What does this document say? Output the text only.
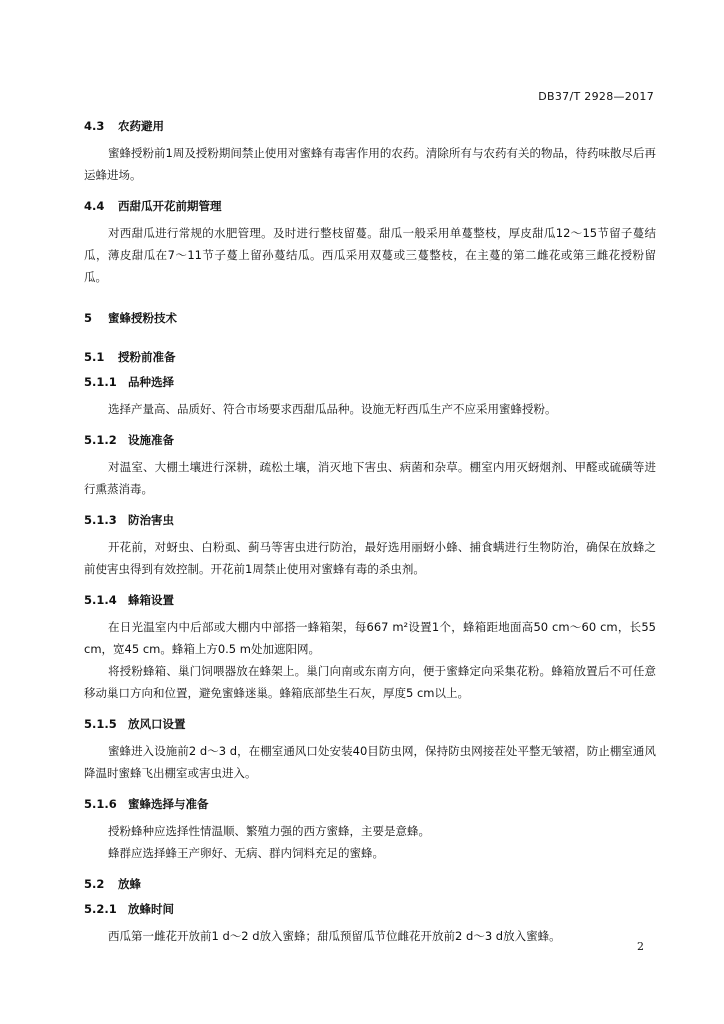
DB37/T 2928—2017
4.3 农药避用

蜜蜂授粉前1周及授粉期间禁止使用对蜜蜂有毒害作用的农药。清除所有与农药有关的物品，待药味散尽后再运蜂进场。

4.4 西甜瓜开花前期管理

对西甜瓜进行常规的水肥管理。及时进行整枝留蔓。甜瓜一般采用单蔓整枝，厚皮甜瓜12～15节留子蔓结瓜，薄皮甜瓜在7～11节子蔓上留孙蔓结瓜。西瓜采用双蔓或三蔓整枝，在主蔓的第二雌花或第三雌花授粉留瓜。

5 蜜蜂授粉技术
5.1 授粉前准备
5.1.1 品种选择

选择产量高、品质好、符合市场要求西甜瓜品种。设施无籽西瓜生产不应采用蜜蜂授粉。

5.1.2 设施准备

对温室、大棚土壤进行深耕，疏松土壤，消灭地下害虫、病菌和杂草。棚室内用灭蚜烟剂、甲醛或硫磺等进行熏蒸消毒。

5.1.3 防治害虫

开花前，对蚜虫、白粉虱、蓟马等害虫进行防治，最好选用丽蚜小蜂、捕食螨进行生物防治，确保在放蜂之前使害虫得到有效控制。开花前1周禁止使用对蜜蜂有毒的杀虫剂。

5.1.4 蜂箱设置

在日光温室内中后部或大棚内中部搭一蜂箱架，每667 m²设置1个，蜂箱距地面高50 cm～60 cm，长55 cm，宽45 cm。蜂箱上方0.5 m处加遮阳网。

将授粉蜂箱、巢门饲喂器放在蜂架上。巢门向南或东南方向，便于蜜蜂定向采集花粉。蜂箱放置后不可任意移动巢口方向和位置，避免蜜蜂迷巢。蜂箱底部垫生石灰，厚度5 cm以上。

5.1.5 放风口设置

蜜蜂进入设施前2 d～3 d，在棚室通风口处安装40目防虫网，保持防虫网接茬处平整无皱褶，防止棚室通风降温时蜜蜂飞出棚室或害虫进入。

5.1.6 蜜蜂选择与准备

授粉蜂种应选择性情温顺、繁殖力强的西方蜜蜂，主要是意蜂。

蜂群应选择蜂王产卵好、无病、群内饲料充足的蜜蜂。

5.2 放蜂
5.2.1 放蜂时间

西瓜第一雌花开放前1 d～2 d放入蜜蜂；甜瓜预留瓜节位雌花开放前2 d～3 d放入蜜蜂。

2
